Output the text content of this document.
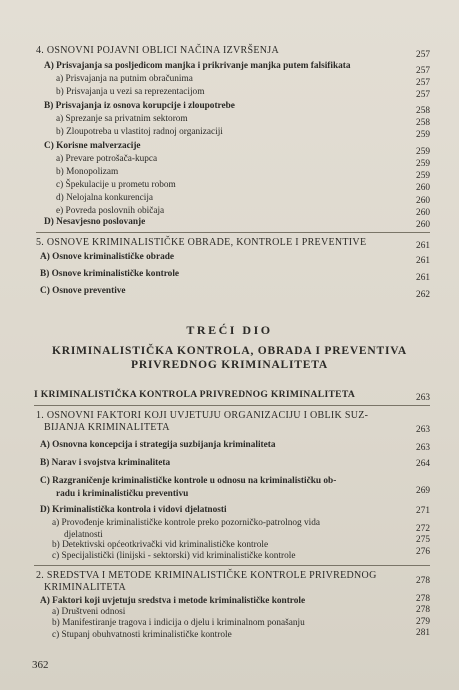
4. OSNOVNI POJAVNI OBLICI NAČINA IZVRŠENJA	257
A) Prisvajanja sa posljedicom manjka i prikrivanje manjka putem falsifikata	257
a) Prisvajanja na putnim obračunima	257
b) Prisvajanja u vezi sa reprezentacijom	257
B) Prisvajanja iz osnova korupcije i zloupotrebe	258
a) Sprezanje sa privatnim sektorom	258
b) Zloupotreba u vlastitoj radnoj organizaciji	259
C) Korisne malverzacije
259
a) Prevare potrošača-kupca	259
b) Monopolizam	259
c) Špekulacije u prometu robom	260
d) Nelojalna konkurencija	260
e) Povreda poslovnih običaja	260
D) Nesavjesno poslovanje	260
5. OSNOVE KRIMINALISTIČKE OBRADE, KONTROLE I PREVENTIVE	261
A) Osnove kriminalističke obrade	261
B) Osnove kriminalističke kontrole	261
C) Osnove preventive	262
TREĆI DIO
KRIMINALISTIČKA KONTROLA, OBRADA I PREVENTIVA
PRIVREDNOG KRIMINALITETA
I KRIMINALISTIČKA KONTROLA PRIVREDNOG KRIMINALITETA	263
1. OSNOVNI FAKTORI KOJI UVJETUJU ORGANIZACIJU I OBLIK SUZ-
BIJANJA KRIMINALITETA	263
A) Osnovna koncepcija i strategija suzbijanja kriminaliteta	263
B) Narav i svojstva kriminaliteta	264
C) Razgraničenje kriminalističke kontrole u odnosu na kriminalističku ob-
radu i kriminalističku preventivu	269
D) Kriminalistička kontrola i vidovi djelatnosti	271
a) Provođenje kriminalističke kontrole preko pozorničko-patrolnog vida
djelatnosti
272
b) Detektivski općeotkrivački vid kriminalističke kontrole	275
c) Specijalistički (linijski - sektorski) vid kriminalističke kontrole	276
2. SREDSTVA I METODE KRIMINALISTIČKE KONTROLE PRIVREDNOG
KRIMINALITETA
278
A) Faktori koji uvjetuju sredstva i metode kriminalističke kontrole	278
a) Društveni odnosi	278
b) Manifestiranje tragova i indicija o djelu i kriminalnom ponašanju	279
c) Stupanj obuhvatnosti kriminalističke kontrole	281
362
